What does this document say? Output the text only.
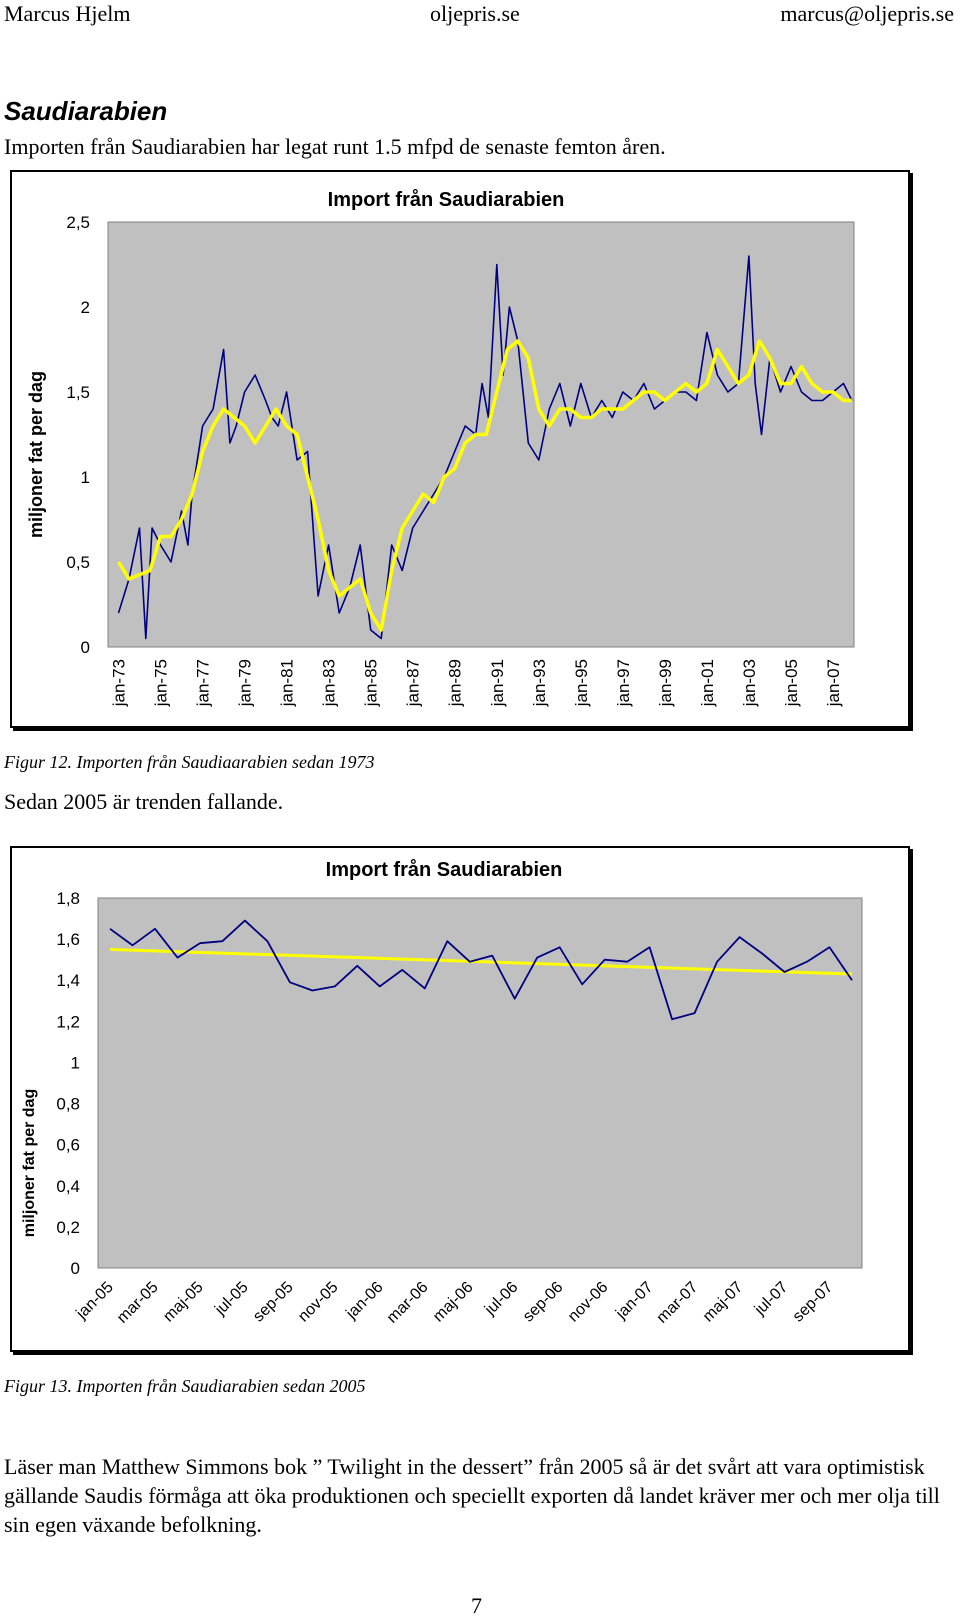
Marcus Hjelm	oljepris.se	marcus@oljepris.se
Saudiarabien
Importen från Saudiarabien har legat runt 1.5 mfpd de senaste femton åren.
Import från Saudiarabien
miljoner fat per dag
0
0,5
1
1,5
2
2,5
jan-73 jan-75 jan-77 jan-79 jan-81 jan-83 jan-85 jan-87 jan-89 jan-91 jan-93 jan-95 jan-97 jan-99 jan-01 jan-03 jan-05 jan-07
Figur 12. Importen från Saudiaarabien sedan 1973
Sedan 2005 är trenden fallande.
Import från Saudiarabien
miljoner fat per dag
0
0,2
0,4
0,6
0,8
1
1,2
1,4
1,6
1,8
jan-05
mar-05
maj-05 jul-05
sep-05
nov-05 jan-06
mar-06
maj-06 jul-06
sep-06
nov-06 jan-07
mar-07
maj-07 jul-07
sep-07
Figur 13. Importen från Saudiarabien sedan 2005
Läser man Matthew Simmons bok ” Twilight in the dessert” från 2005 så är det svårt att vara optimistisk gällande Saudis förmåga att öka produktionen och speciellt exporten då landet kräver mer och mer olja till sin egen växande befolkning.
7
